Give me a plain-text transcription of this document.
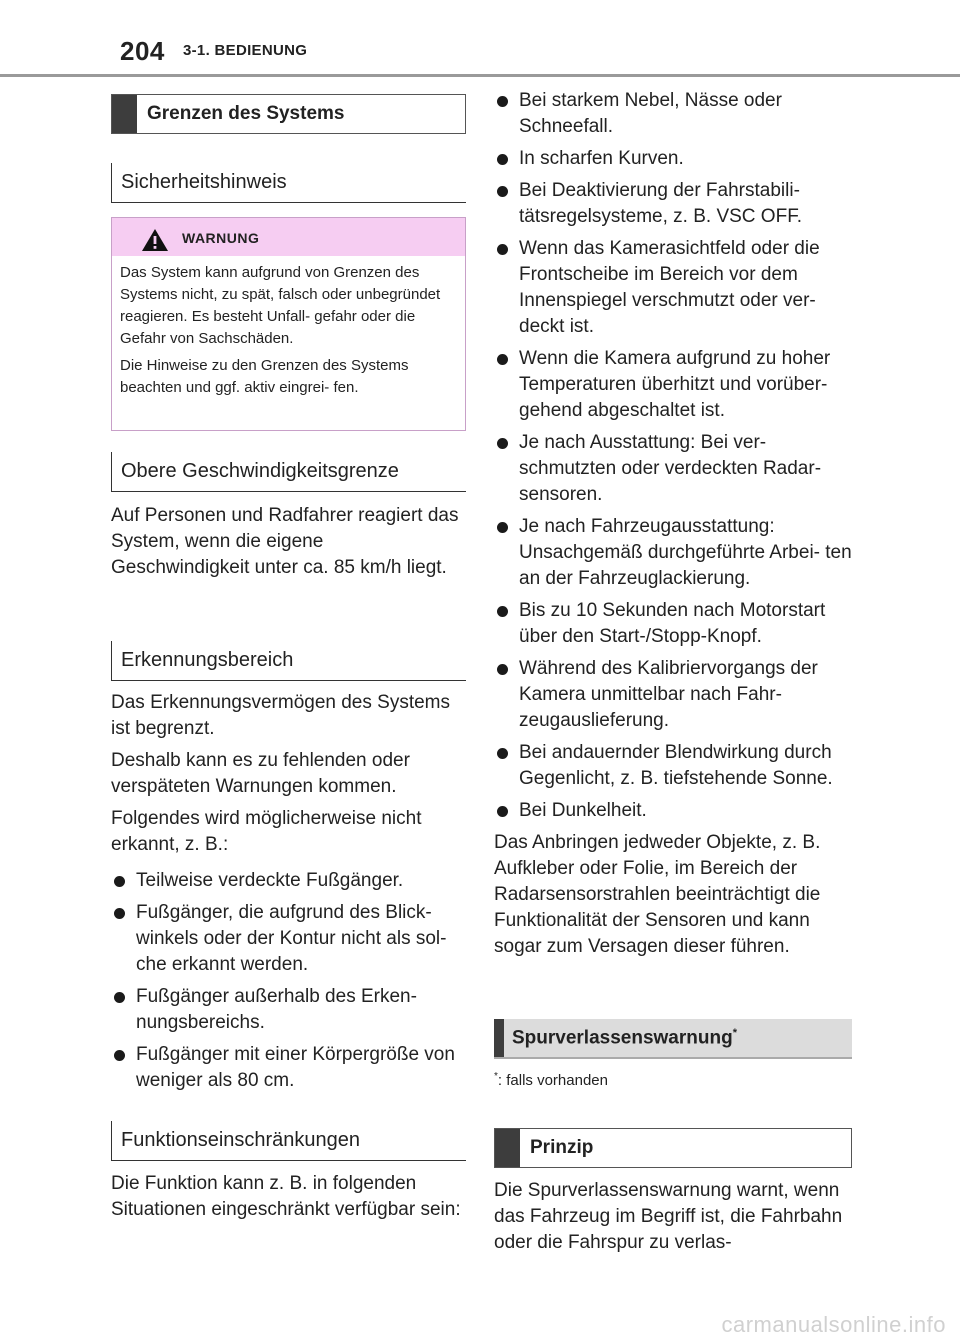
204	3-1. BEDIENUNG
Grenzen des Systems
Sicherheitshinweis
WARNUNG

Das System kann aufgrund von Grenzen des Systems nicht, zu spät, falsch oder unbegründet reagieren. Es besteht Unfall- gefahr oder die Gefahr von Sachschäden.

Die Hinweise zu den Grenzen des Systems beachten und ggf. aktiv eingrei- fen.

Obere Geschwindigkeitsgrenze

Auf Personen und Radfahrer reagiert das System, wenn die eigene Geschwindigkeit unter ca. 85 km/h liegt.

Erkennungsbereich

Das Erkennungsvermögen des Systems ist begrenzt.

Deshalb kann es zu fehlenden oder verspäteten Warnungen kommen.

Folgendes wird möglicherweise nicht erkannt, z. B.:

Teilweise verdeckte Fußgänger.
Fußgänger, die aufgrund des Blick- winkels oder der Kontur nicht als sol- che erkannt werden.
Fußgänger außerhalb des Erken- nungsbereichs.
Fußgänger mit einer Körpergröße von weniger als 80 cm.
Funktionseinschränkungen

Die Funktion kann z. B. in folgenden Situationen eingeschränkt verfügbar sein:

Bei starkem Nebel, Nässe oder Schneefall.
In scharfen Kurven.
Bei Deaktivierung der Fahrstabili- tätsregelsysteme, z. B. VSC OFF.
Wenn das Kamerasichtfeld oder die Frontscheibe im Bereich vor dem Innenspiegel verschmutzt oder ver- deckt ist.
Wenn die Kamera aufgrund zu hoher Temperaturen überhitzt und vorüber- gehend abgeschaltet ist.
Je nach Ausstattung: Bei ver- schmutzten oder verdeckten Radar- sensoren.
Je nach Fahrzeugausstattung: Unsachgemäß durchgeführte Arbei- ten an der Fahrzeuglackierung.
Bis zu 10 Sekunden nach Motorstart über den Start-/Stopp-Knopf.
Während des Kalibriervorgangs der Kamera unmittelbar nach Fahr- zeugauslieferung.
Bei andauernder Blendwirkung durch Gegenlicht, z. B. tiefstehende Sonne.
Bei Dunkelheit.

Das Anbringen jedweder Objekte, z. B. Aufkleber oder Folie, im Bereich der Radarsensorstrahlen beeinträchtigt die Funktionalität der Sensoren und kann sogar zum Versagen dieser führen.

Spurverlassenswarnung*
*: falls vorhanden
Prinzip

Die Spurverlassenswarnung warnt, wenn das Fahrzeug im Begriff ist, die Fahrbahn oder die Fahrspur zu verlas-

carmanualsonline.info
